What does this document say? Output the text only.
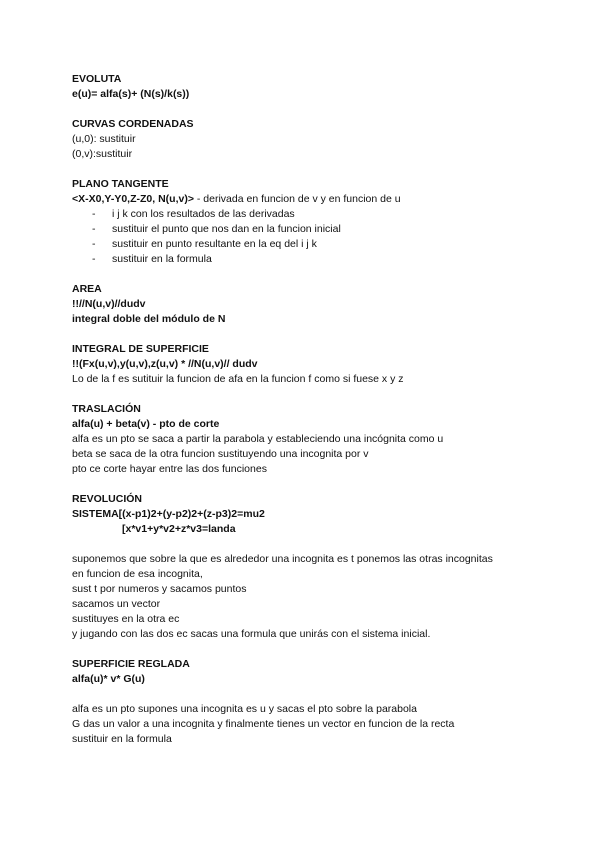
EVOLUTA

e(u)= alfa(s)+ (N(s)/k(s))

CURVAS CORDENADAS

(u,0): sustituir

(0,v):sustituir

PLANO TANGENTE

<X-X0,Y-Y0,Z-Z0, N(u,v)> - derivada en funcion de v y en funcion de u

- i j k con los resultados de las derivadas
- sustituir el punto que nos dan en la funcion inicial
- sustituir en punto resultante en la eq del i j k
- sustituir en la formula

AREA

!!//N(u,v)//dudv

integral doble del módulo de N

INTEGRAL DE SUPERFICIE

!!(Fx(u,v),y(u,v),z(u,v) * //N(u,v)// dudv

Lo de la f es sutituir la funcion de afa en la funcion f como si fuese x y z

TRASLACIÓN

alfa(u) + beta(v) - pto de corte

alfa es un pto se saca a partir la parabola y estableciendo una incógnita como u

beta se saca de la otra funcion sustituyendo una incognita por v

pto ce corte hayar entre las dos funciones

REVOLUCIÓN

SISTEMA[(x-p1)2+(y-p2)2+(z-p3)2=mu2

[x*v1+y*v2+z*v3=landa

suponemos que sobre la que es alrededor una incognita es t ponemos las otras incognitas

en funcion de esa incognita,

sust t por numeros y sacamos puntos

sacamos un vector

sustituyes en la otra ec

y jugando con las dos ec sacas una formula que unirás con el sistema inicial.

SUPERFICIE REGLADA

alfa(u)* v* G(u)

alfa es un pto supones una incognita es u y sacas el pto sobre la parabola

G das un valor a una incognita y finalmente tienes un vector en funcion de la recta

sustituir en la formula
